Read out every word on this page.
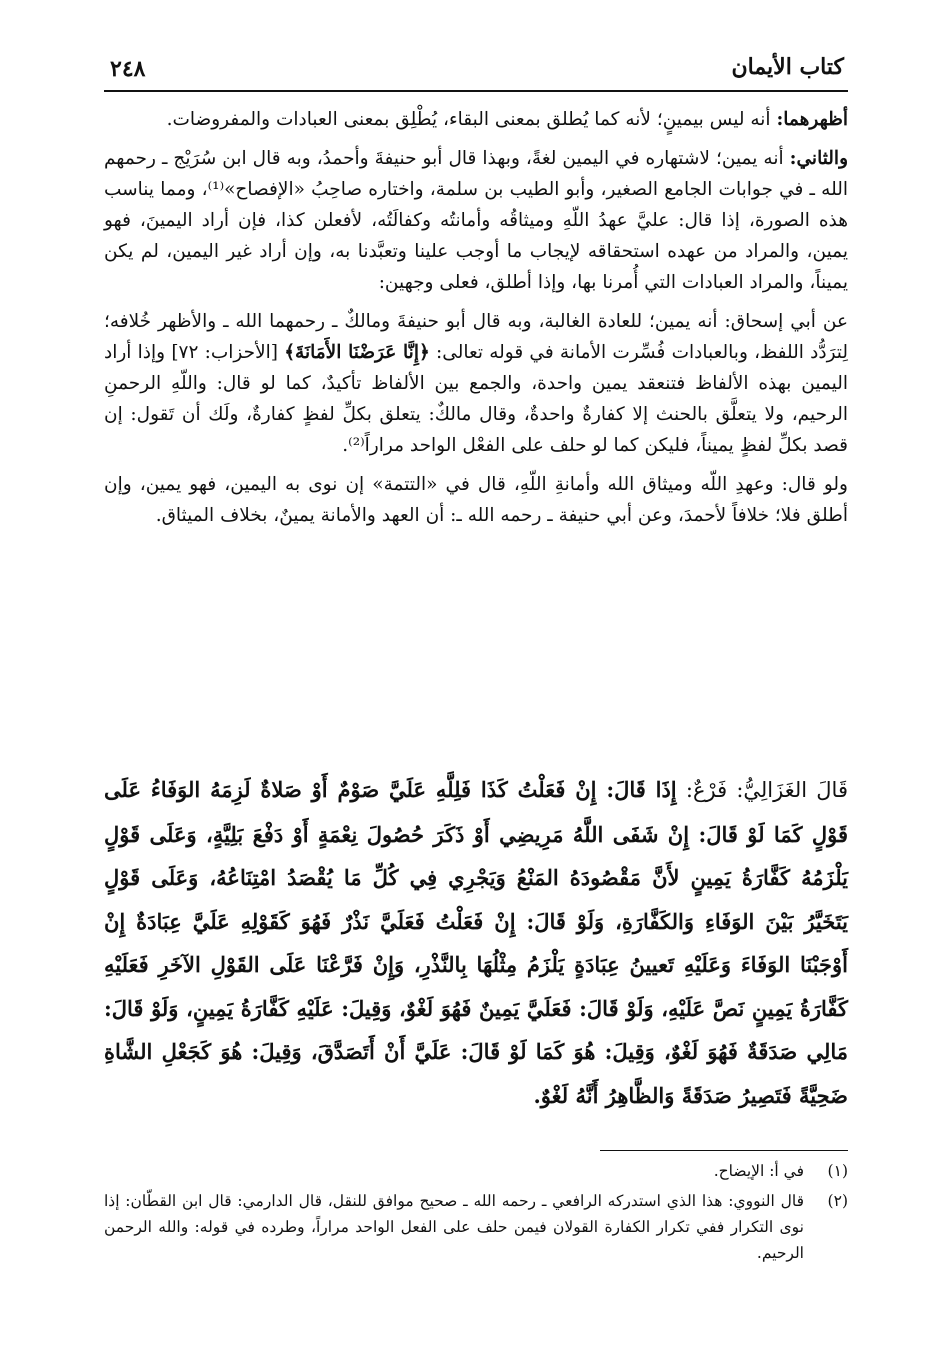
٢٤٨	كتاب الأيمان

أظهرهما: أنه ليس بيمينٍ؛ لأنه كما يُطلق بمعنى البقاء، يُطْلِق بمعنى العبادات والمفروضات.

والثاني: أنه يمين؛ لاشتهاره في اليمين لغةً، وبهذا قال أبو حنيفةَ وأحمدُ، وبه قال ابن سُرَيْج ـ رحمهم الله ـ في جوابات الجامع الصغير، وأبو الطيب بن سلمة، واختاره صاحِبُ «الإفصاح»⁽¹⁾، ومما يناسب هذه الصورة، إذا قال: عليَّ عهدُ اللّهِ وميثاقُه وأمانتُه وكفالَتُه، لأفعلن كذا، فإن أراد اليمينَ، فهو يمين، والمراد من عهده استحقاقه لإيجاب ما أوجب علينا وتعبَّدنا به، وإن أراد غير اليمين، لم يكن يميناً، والمراد العبادات التي أُمرنا بها، وإذا أطلق، فعلى وجهين:

عن أبي إسحاق: أنه يمين؛ للعادة الغالبة، وبه قال أبو حنيفةَ ومالكٌ ـ رحمهما الله ـ والأظهر خُلافه؛ لِترَدُّد اللفظ، وبالعبادات فُسِّرت الأمانة في قوله تعالى: ﴿إِنَّا عَرَضْنَا الأَمَانَةَ﴾ [الأحزاب: ٧٢] وإذا أراد اليمين بهذه الألفاظ فتنعقد يمين واحدة، والجمع بين الألفاظ تأكيدٌ، كما لو قال: واللّهِ الرحمنِ الرحيم، ولا يتعلَّق بالحنث إلا كفارةٌ واحدةٌ، وقال مالكٌ: يتعلق بكلِّ لفظٍ كفارةٌ، ولَك أن تَقول: إن قصد بكلِّ لفظٍ يميناً، فليكن كما لو حلف على الفعْل الواحد مراراً⁽²⁾.

ولو قال: وعهدِ اللّه وميثاق الله وأمانةِ اللّهِ، قال في «التتمة» إن نوى به اليمين، فهو يمين، وإن أطلق فلا؛ خلافاً لأحمدَ، وعن أبي حنيفة ـ رحمه الله ـ: أن العهد والأمانة يمينٌ، بخلاف الميثاق.

قَالَ الغَزَالِيُّ: فَرْعٌ: إِذَا قَالَ: إِنْ فَعَلْتُ كَذَا فَلِلَّهِ عَلَيَّ صَوْمٌ أَوْ صَلاةٌ لَزِمَهُ الوَفَاءُ عَلَى قَوْلٍ كَمَا لَوْ قَالَ: إِنْ شَفَى اللَّهُ مَرِيضِي أَوْ ذَكَرَ حُصُولَ نِعْمَةٍ أَوْ دَفْعَ بَلِيَّةٍ، وَعَلَى قَوْلٍ يَلْزَمُهُ كَفَّارَةُ يَمِينٍ لأَنَّ مَقْصُودَهُ المَنْعُ وَيَجْرِي فِي كُلِّ مَا يُقْصَدُ امْتِنَاعُهُ، وَعَلَى قَوْلٍ يَتَخَيَّرُ بَيْنَ الوَفَاءِ وَالكَفَّارَةِ، وَلَوْ قَالَ: إِنْ فَعَلْتُ فَعَلَيَّ نَذْرٌ فَهُوَ كَقَوْلِهِ عَلَيَّ عِبَادَةٌ إِنْ أَوْجَبْنَا الوَفَاءَ وَعَلَيْهِ تَعيينُ عِبَادَةٍ يَلْزَمُ مِثْلُهَا بِالنَّذْرِ، وَإِنْ فَرَّعْنَا عَلَى القَوْلِ الآخَرِ فَعَلَيْهِ كَفَّارَةُ يَمِينٍ نَصَّ عَلَيْهِ، وَلَوْ قَالَ: فَعَلَيَّ يَمِينٌ فَهُوَ لَغْوٌ، وَقِيلَ: عَلَيْهِ كَفَّارَةُ يَمِينٍ، وَلَوْ قَالَ: مَالِي صَدَقَةٌ فَهُوَ لَغْوٌ، وَقِيلَ: هُوَ كَمَا لَوْ قَالَ: عَلَيَّ أَنْ أَتَصَدَّقَ، وَقِيلَ: هُوَ كَجَعْلِ الشَّاةِ ضَحِيَّةً فَتَصِيرُ صَدَقَةً وَالظَّاهِرُ أَنَّهُ لَغْوٌ.

(١)
في أ: الإيضاح.
(٢)
قال النووي: هذا الذي استدركه الرافعي ـ رحمه الله ـ صحيح موافق للنقل، قال الدارمي: قال ابن القطّان: إذا نوى التكرار ففي تكرار الكفارة القولان فيمن حلف على الفعل الواحد مراراً، وطرده في قوله: والله الرحمن الرحيم.
